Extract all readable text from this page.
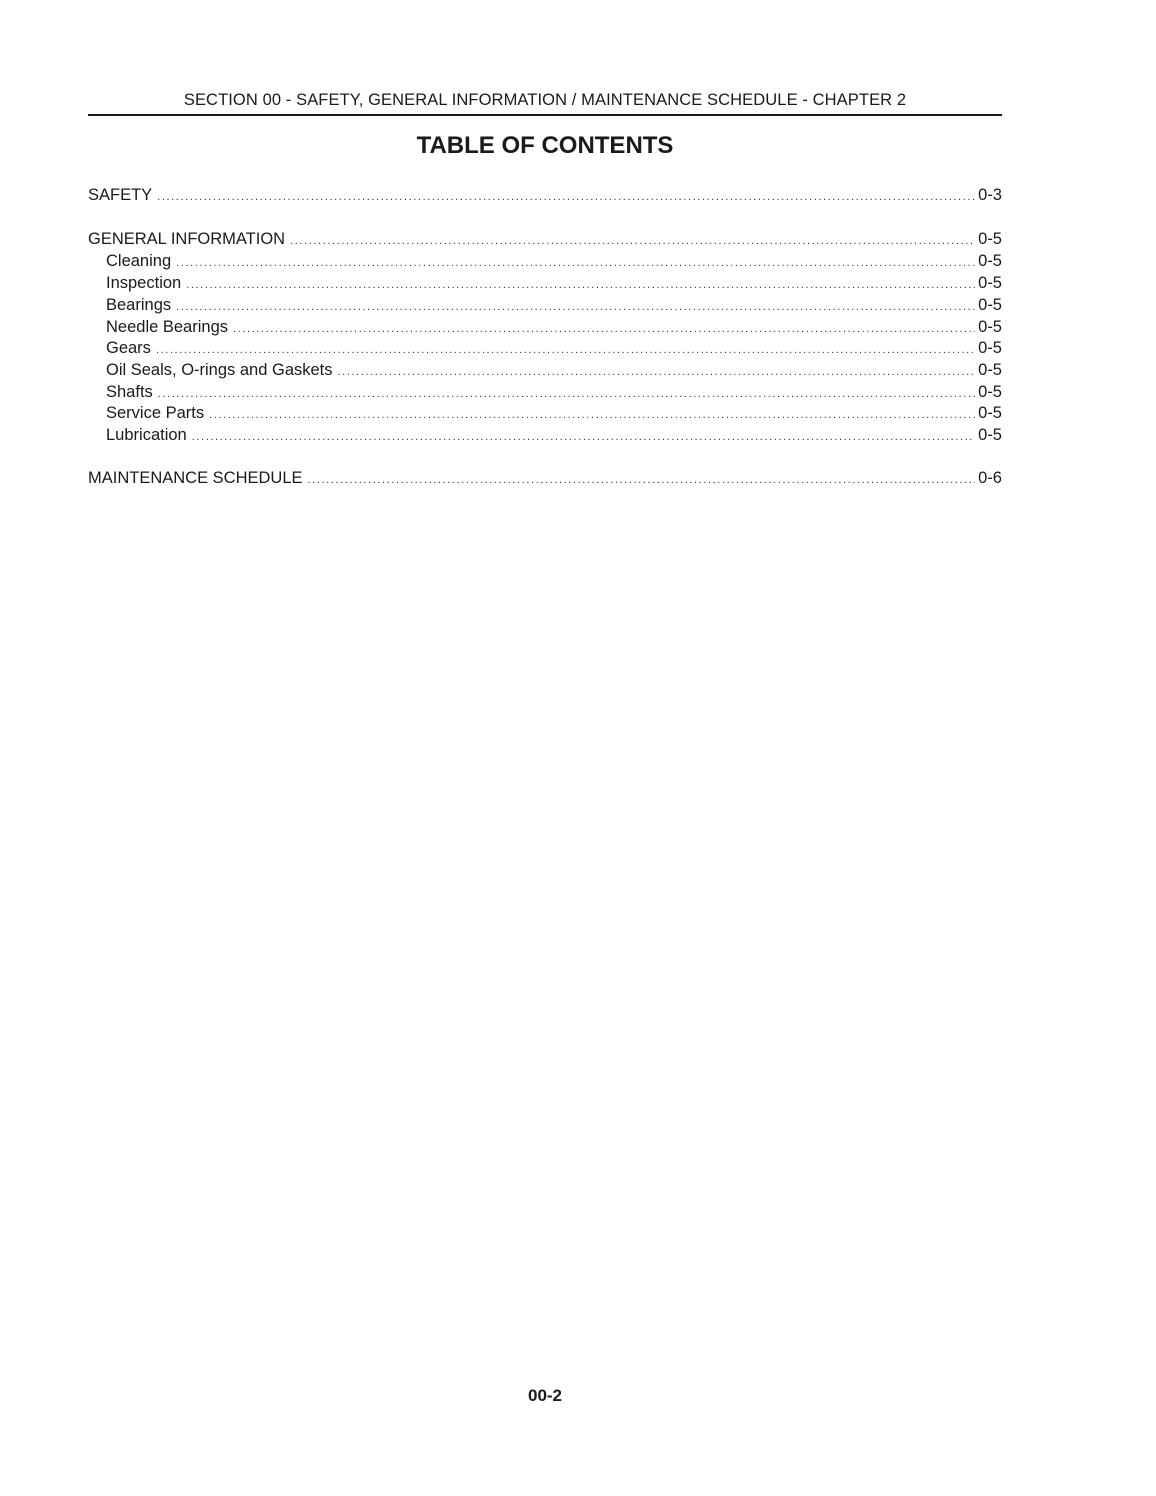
SECTION 00 - SAFETY, GENERAL INFORMATION / MAINTENANCE SCHEDULE - CHAPTER 2
TABLE OF CONTENTS
SAFETY .....	0-3
GENERAL INFORMATION .....	0-5
Cleaning .....	0-5
Inspection .....	0-5
Bearings .....	0-5
Needle Bearings .....	0-5
Gears .....	0-5
Oil Seals, O-rings and Gaskets .....	0-5
Shafts .....	0-5
Service Parts .....	0-5
Lubrication .....	0-5
MAINTENANCE SCHEDULE .....	0-6
00-2
